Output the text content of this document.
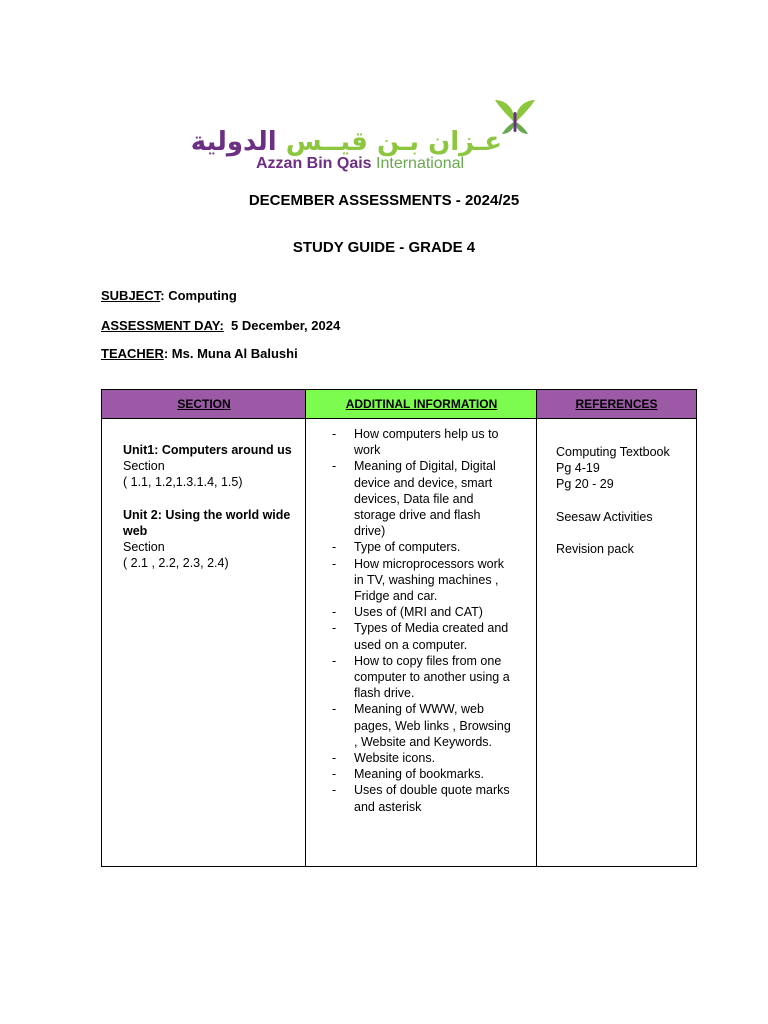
عـزان بـن قيــس الدولية
Azzan Bin Qais International
DECEMBER ASSESSMENTS - 2024/25
STUDY GUIDE - GRADE 4
SUBJECT: Computing
ASSESSMENT DAY: 5 December, 2024
TEACHER: Ms. Muna Al Balushi
SECTION	ADDITINAL INFORMATION	REFERENCES
Unit1: Computers around us
Section
( 1.1, 1.2,1.3.1.4, 1.5)
Unit 2: Using the world wide web
Section
( 2.1 , 2.2, 2.3, 2.4)
- How computers help us to work
- Meaning of Digital, Digital device and device, smart devices, Data file and storage drive and flash drive)
- Type of computers.
- How microprocessors work in TV, washing machines , Fridge and car.
- Uses of (MRI and CAT)
- Types of Media created and used on a computer.
- How to copy files from one computer to another using a flash drive.
- Meaning of WWW, web pages, Web links , Browsing , Website and Keywords.
- Website icons.
- Meaning of bookmarks.
- Uses of double quote marks and asterisk
Computing Textbook
Pg 4-19
Pg 20 - 29
Seesaw Activities
Revision pack
